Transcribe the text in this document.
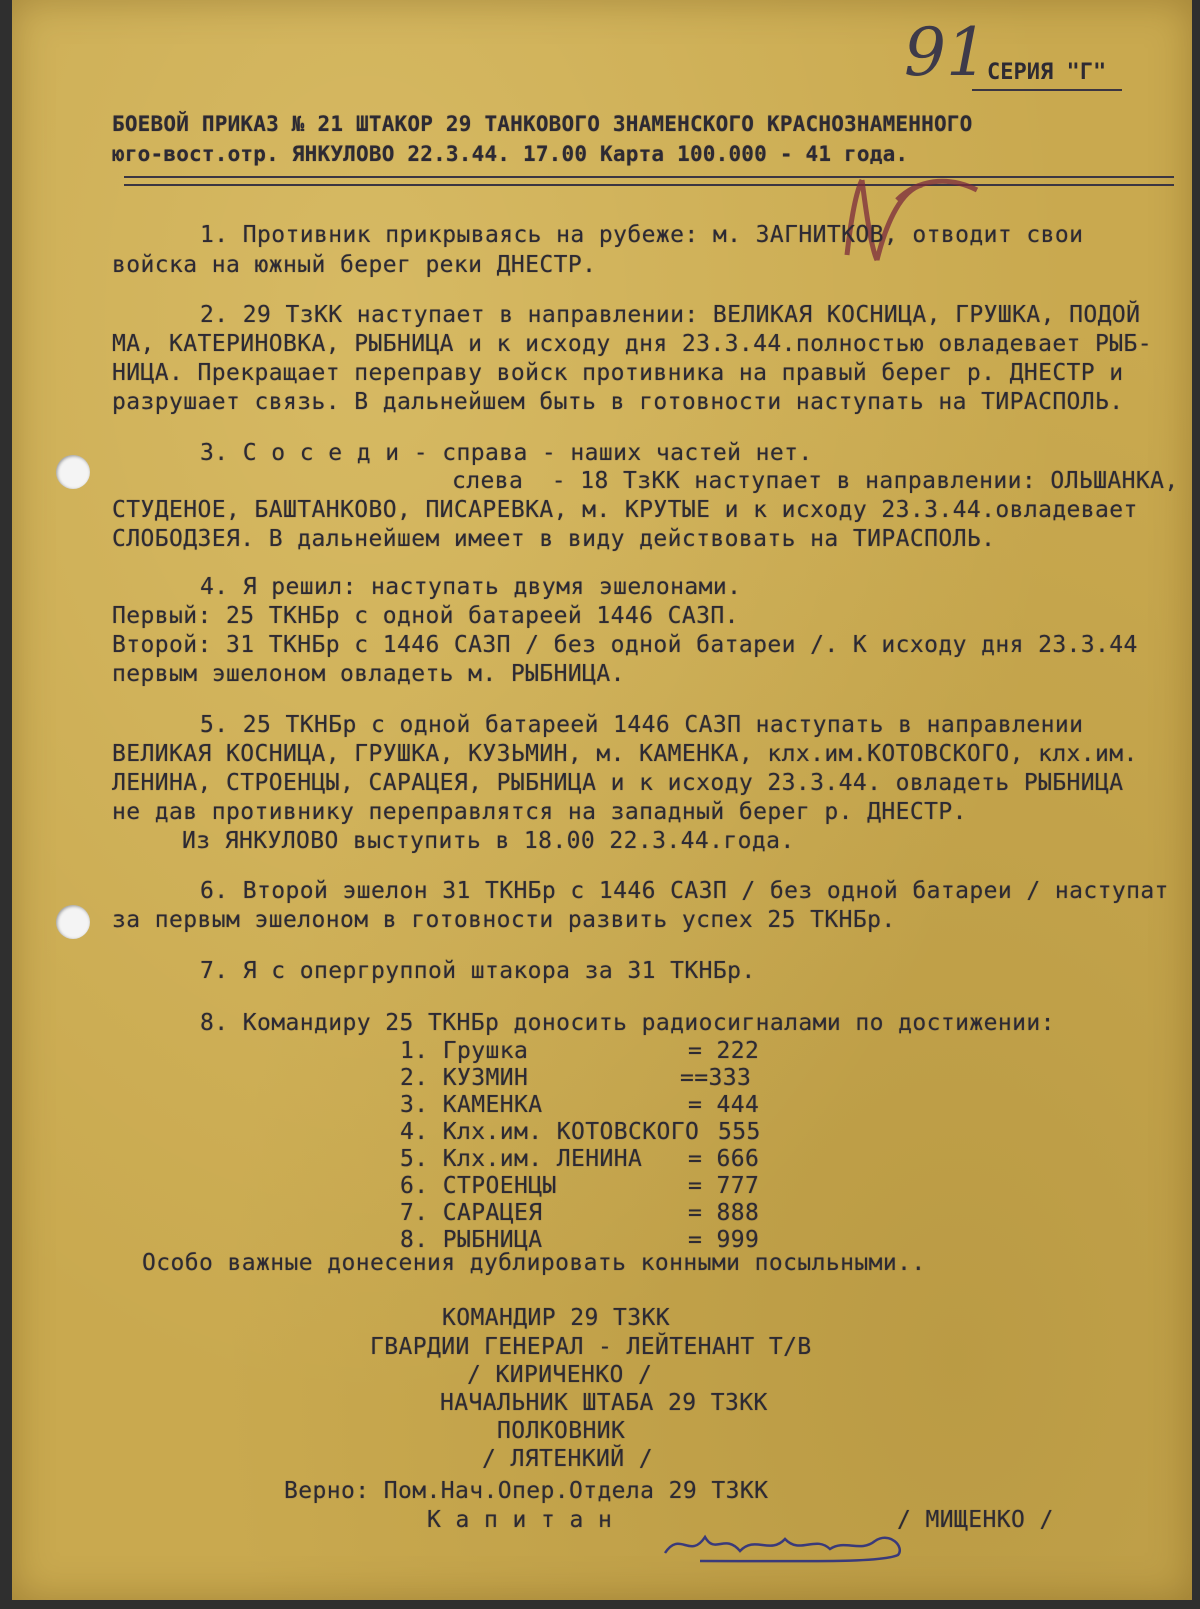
91 СЕРИЯ "Г"
БОЕВОЙ ПРИКАЗ № 21 ШТАКОР 29 ТАНКОВОГО ЗНАМЕНСКОГО КРАСНОЗНАМЕННОГО
юго-вост.отр. ЯНКУЛОВО 22.3.44. 17.00 Карта 100.000 - 41 года.
1. Противник прикрываясь на рубеже: м. ЗАГНИТКОВ, отводит свои
войска на южный берег реки ДНЕСТР.
2. 29 ТзКК наступает в направлении: ВЕЛИКАЯ КОСНИЦА, ГРУШКА, ПОДОЙ
МА, КАТЕРИНОВКА, РЫБНИЦА и к исходу дня 23.3.44.полностью овладевает РЫБ-
НИЦА. Прекращает переправу войск противника на правый берег р. ДНЕСТР и
разрушает связь. В дальнейшем быть в готовности наступать на ТИРАСПОЛЬ.
3. С о с е д и - справа - наших частей нет.
слева  - 18 ТзКК наступает в направлении: ОЛЬШАНКА,
СТУДЕНОЕ, БАШТАНКОВО, ПИСАРЕВКА, м. КРУТЫЕ и к исходу 23.3.44.овладевает
СЛОБОДЗЕЯ. В дальнейшем имеет в виду действовать на ТИРАСПОЛЬ.
4. Я решил: наступать двумя эшелонами.
Первый: 25 ТКНБр с одной батареей 1446 САЗП.
Второй: 31 ТКНБр с 1446 САЗП / без одной батареи /. К исходу дня 23.3.44
первым эшелоном овладеть м. РЫБНИЦА.
5. 25 ТКНБр с одной батареей 1446 САЗП наступать в направлении
ВЕЛИКАЯ КОСНИЦА, ГРУШКА, КУЗЬМИН, м. КАМЕНКА, клх.им.КОТОВСКОГО, клх.им.
ЛЕНИНА, СТРОЕНЦЫ, САРАЦЕЯ, РЫБНИЦА и к исходу 23.3.44. овладеть РЫБНИЦА
не дав противнику переправлятся на западный берег р. ДНЕСТР.
Из ЯНКУЛОВО выступить в 18.00 22.3.44.года.
6. Второй эшелон 31 ТКНБр с 1446 САЗП / без одной батареи / наступат
за первым эшелоном в готовности развить успех 25 ТКНБр.
7. Я с опергруппой штакора за 31 ТКНБр.
8. Командиру 25 ТКНБр доносить радиосигналами по достижении:
1. Грушка	= 222
2. КУЗМИН	==333
3. КАМЕНКА	= 444
4. Клх.им. КОТОВСКОГО 555
5. Клх.им. ЛЕНИНА = 666
6. СТРОЕНЦЫ	= 777
7. САРАЦЕЯ	= 888
8. РЫБНИЦА	= 999
Особо важные донесения дублировать конными посыльными..
КОМАНДИР 29 ТЗКК
ГВАРДИИ ГЕНЕРАЛ - ЛЕЙТЕНАНТ Т/В
/ КИРИЧЕНКО /
НАЧАЛЬНИК ШТАБА 29 ТЗКК
ПОЛКОВНИК
/ ЛЯТЕНКИЙ /
Верно: Пом.Нач.Опер.Отдела 29 ТЗКК
К а п и т а н	/ МИЩЕНКО /
